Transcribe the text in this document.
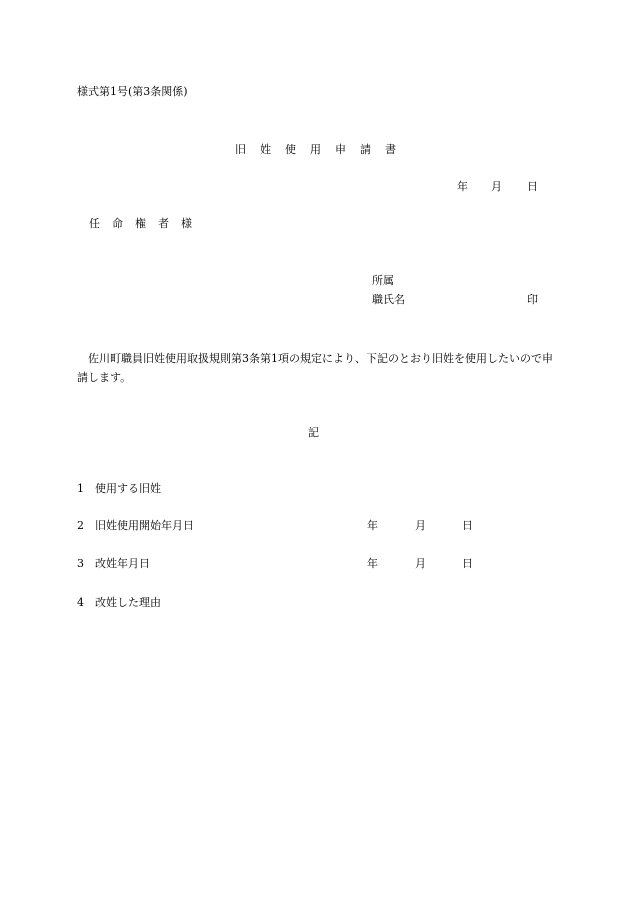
様式第1号(第3条関係)
旧 姓 使 用 申 請 書
年 月 日
任 命 権 者 様
所属
職氏名	印
佐川町職員旧姓使用取扱規則第3条第1項の規定により、下記のとおり旧姓を使用したいので申請します。
記
1 使用する旧姓
2 旧姓使用開始年月日	年	月	日
3 改姓年月日	年	月	日
4 改姓した理由
